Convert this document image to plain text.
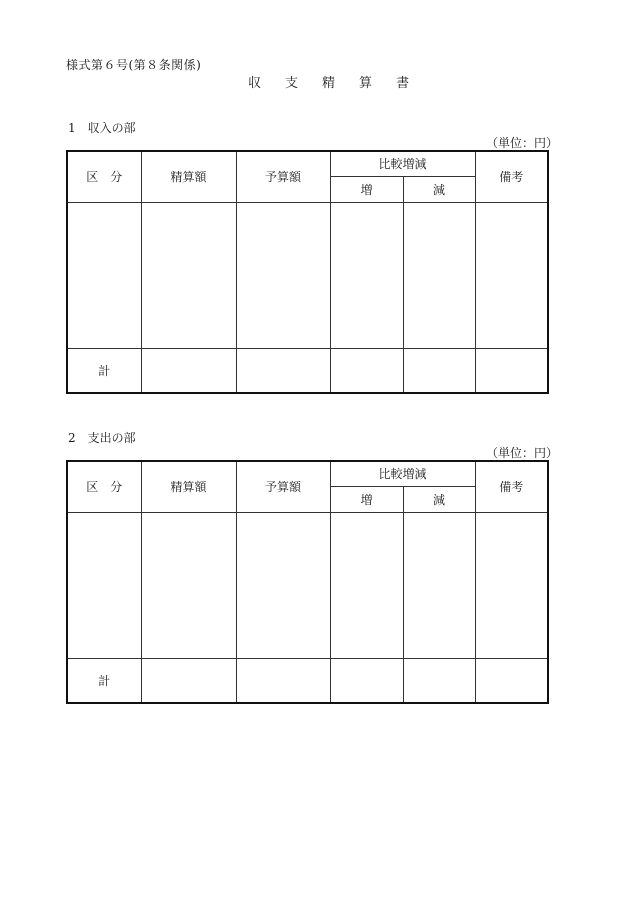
様式第６号(第８条関係)
収 支 精 算 書
1　収入の部
（単位：円）
区　分	精算額	予算額	比較増減		備考
			増	減	

計					
2　支出の部
（単位：円）
区　分	精算額	予算額	比較増減		備考
			増	減	

計					
